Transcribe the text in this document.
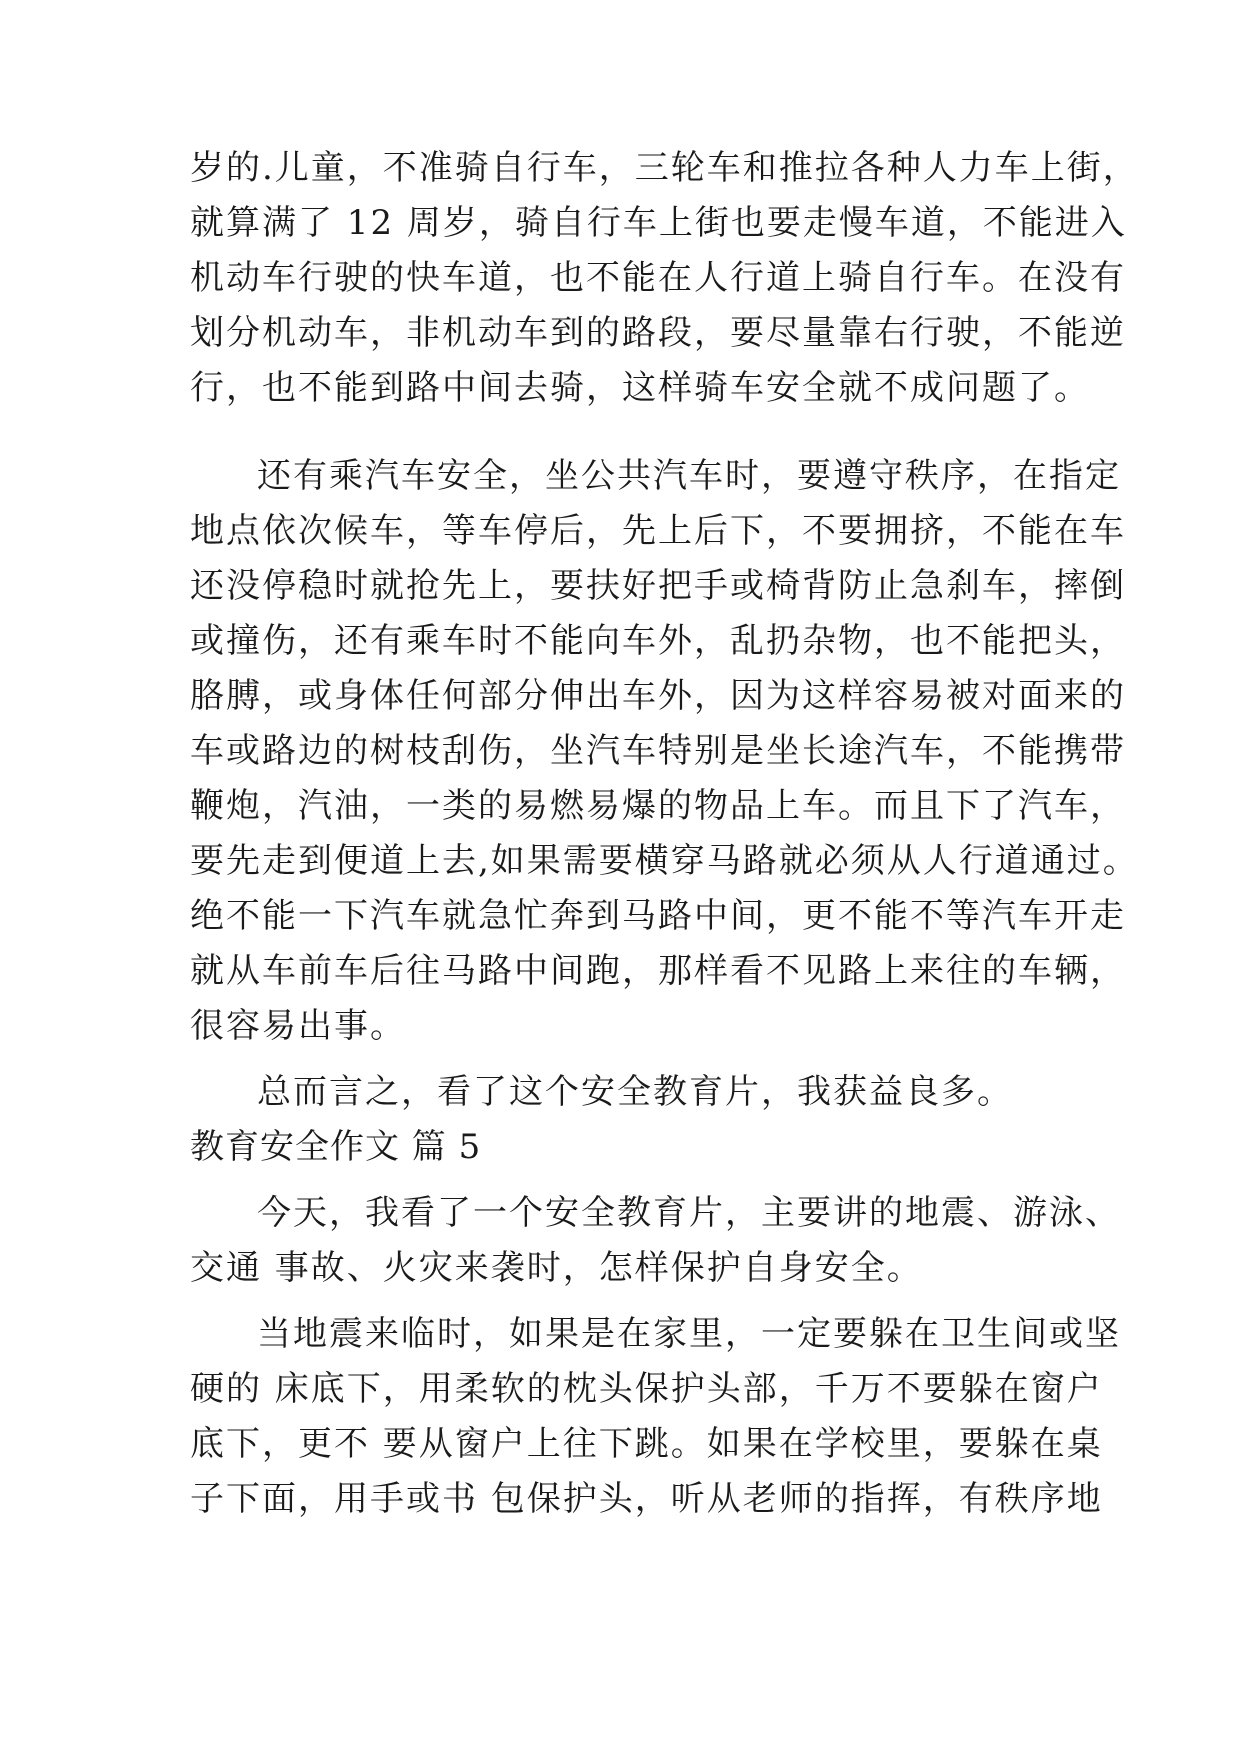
岁的.儿童，不准骑自行车，三轮车和推拉各种人力车上街，
就算满了 12 周岁，骑自行车上街也要走慢车道，不能进入
机动车行驶的快车道，也不能在人行道上骑自行车。在没有
划分机动车，非机动车到的路段，要尽量靠右行驶，不能逆
行，也不能到路中间去骑，这样骑车安全就不成问题了。
还有乘汽车安全，坐公共汽车时，要遵守秩序，在指定
地点依次候车，等车停后，先上后下，不要拥挤，不能在车
还没停稳时就抢先上，要扶好把手或椅背防止急刹车，摔倒
或撞伤，还有乘车时不能向车外，乱扔杂物，也不能把头，
胳膊，或身体任何部分伸出车外，因为这样容易被对面来的
车或路边的树枝刮伤，坐汽车特别是坐长途汽车，不能携带
鞭炮，汽油，一类的易燃易爆的物品上车。而且下了汽车，
要先走到便道上去,如果需要横穿马路就必须从人行道通过。
绝不能一下汽车就急忙奔到马路中间，更不能不等汽车开走
就从车前车后往马路中间跑，那样看不见路上来往的车辆，
很容易出事。
总而言之，看了这个安全教育片，我获益良多。
教育安全作文 篇 5
今天，我看了一个安全教育片，主要讲的地震、游泳、
交通 事故、火灾来袭时，怎样保护自身安全。
当地震来临时，如果是在家里，一定要躲在卫生间或坚
硬的 床底下，用柔软的枕头保护头部，千万不要躲在窗户
底下，更不 要从窗户上往下跳。如果在学校里，要躲在桌
子下面，用手或书 包保护头，听从老师的指挥，有秩序地
